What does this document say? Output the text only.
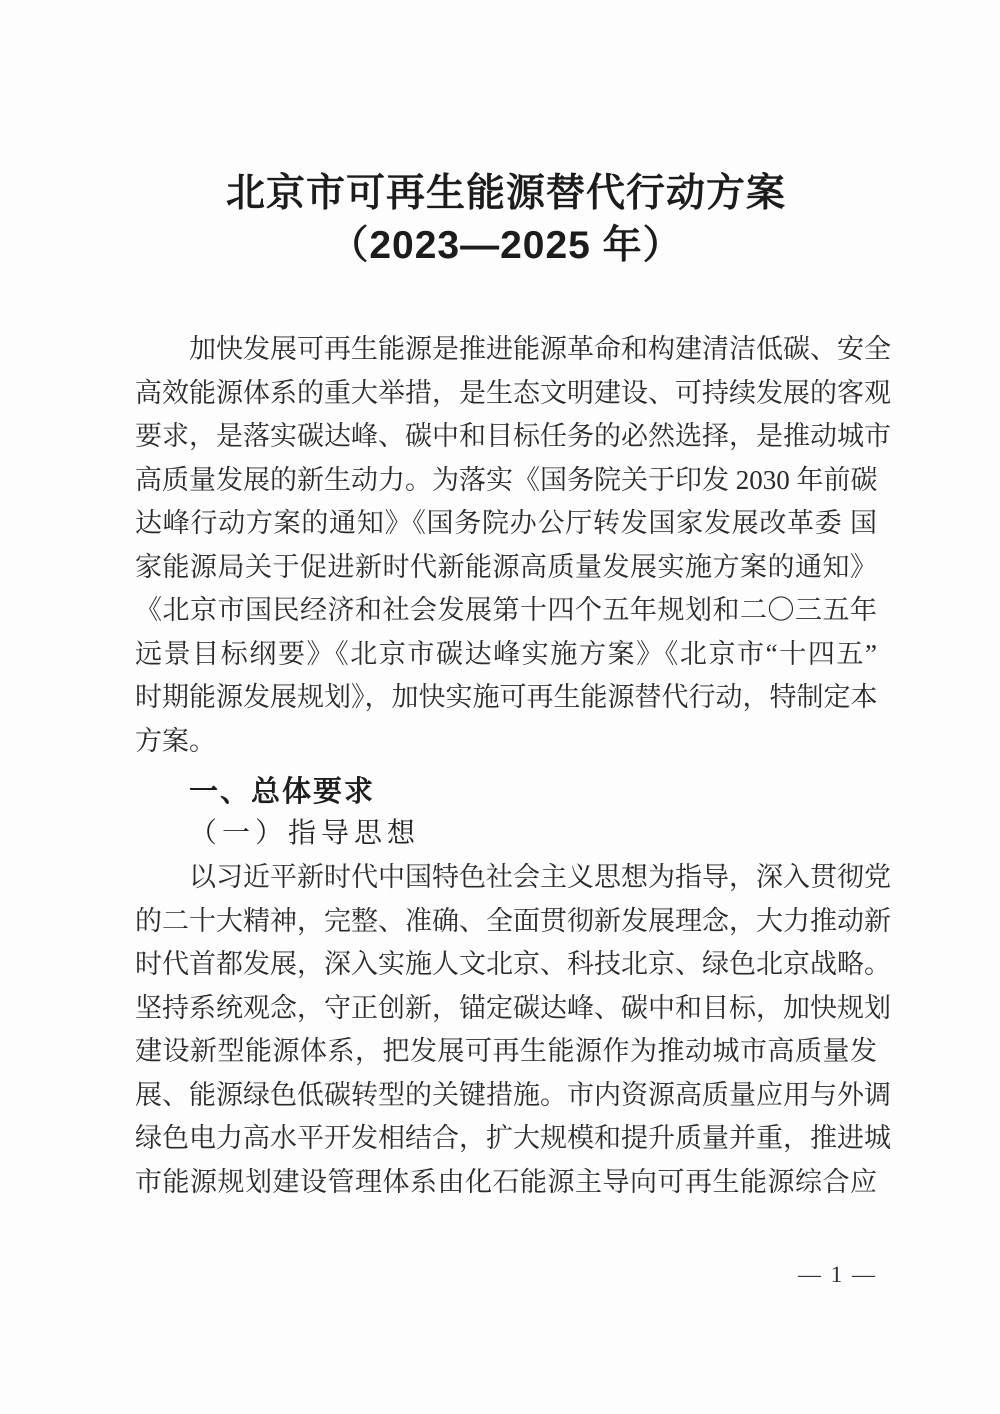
北京市可再生能源替代行动方案
（2023—2025 年）
　　加快发展可再生能源是推进能源革命和构建清洁低碳、安全
高效能源体系的重大举措，是生态文明建设、可持续发展的客观
要求，是落实碳达峰、碳中和目标任务的必然选择，是推动城市
高质量发展的新生动力。为落实《国务院关于印发 2030 年前碳
达峰行动方案的通知》《国务院办公厅转发国家发展改革委 国
家能源局关于促进新时代新能源高质量发展实施方案的通知》
《北京市国民经济和社会发展第十四个五年规划和二〇三五年
远景目标纲要》《北京市碳达峰实施方案》《北京市“十四五”
时期能源发展规划》，加快实施可再生能源替代行动，特制定本
方案。
一、总体要求
（一）指导思想
　　以习近平新时代中国特色社会主义思想为指导，深入贯彻党
的二十大精神，完整、准确、全面贯彻新发展理念，大力推动新
时代首都发展，深入实施人文北京、科技北京、绿色北京战略。
坚持系统观念，守正创新，锚定碳达峰、碳中和目标，加快规划
建设新型能源体系，把发展可再生能源作为推动城市高质量发
展、能源绿色低碳转型的关键措施。市内资源高质量应用与外调
绿色电力高水平开发相结合，扩大规模和提升质量并重，推进城
市能源规划建设管理体系由化石能源主导向可再生能源综合应
— 1 —
